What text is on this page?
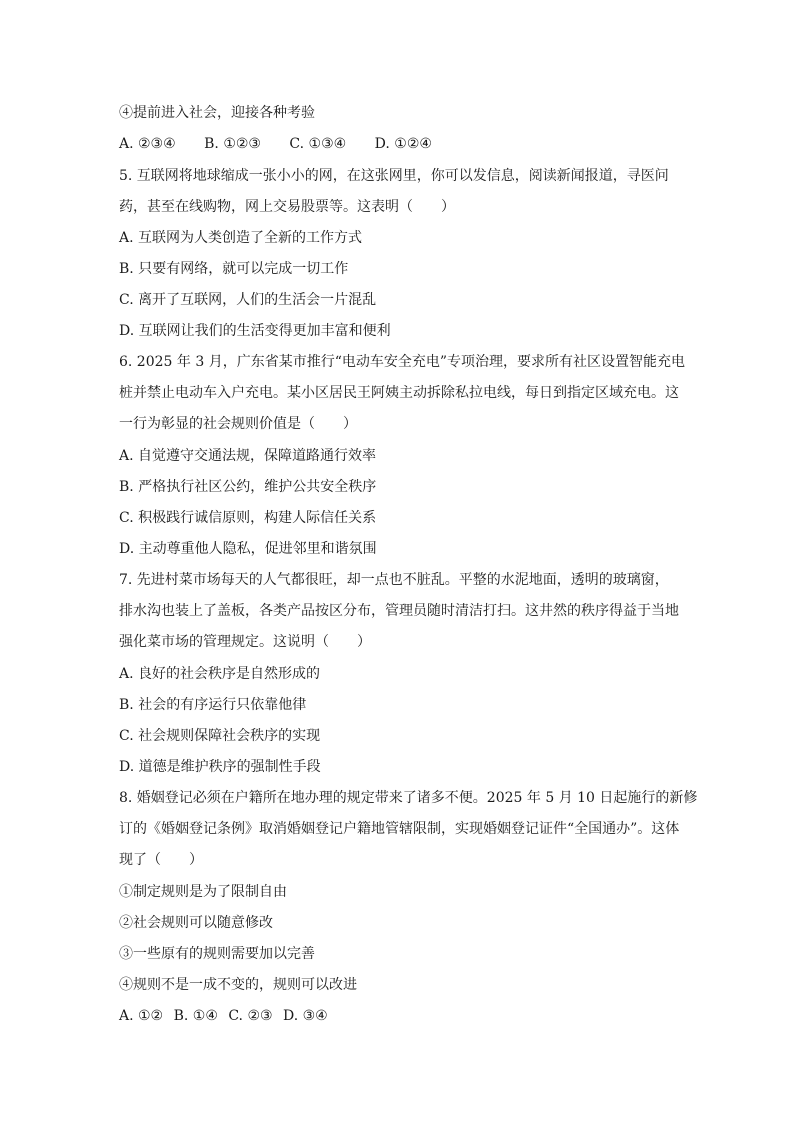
④提前进入社会，迎接各种考验
A. ②③④ B. ①②③ C. ①③④ D. ①②④
5. 互联网将地球缩成一张小小的网，在这张网里，你可以发信息，阅读新闻报道，寻医问
药，甚至在线购物，网上交易股票等。这表明（　　）
A. 互联网为人类创造了全新的工作方式
B. 只要有网络，就可以完成一切工作
C. 离开了互联网，人们的生活会一片混乱
D. 互联网让我们的生活变得更加丰富和便利
6. 2025 年 3 月，广东省某市推行“电动车安全充电”专项治理，要求所有社区设置智能充电
桩并禁止电动车入户充电。某小区居民王阿姨主动拆除私拉电线，每日到指定区域充电。这
一行为彰显的社会规则价值是（　　）
A. 自觉遵守交通法规，保障道路通行效率
B. 严格执行社区公约，维护公共安全秩序
C. 积极践行诚信原则，构建人际信任关系
D. 主动尊重他人隐私，促进邻里和谐氛围
7. 先进村菜市场每天的人气都很旺，却一点也不脏乱。平整的水泥地面，透明的玻璃窗，
排水沟也装上了盖板，各类产品按区分布，管理员随时清洁打扫。这井然的秩序得益于当地
强化菜市场的管理规定。这说明（　　）
A. 良好的社会秩序是自然形成的
B. 社会的有序运行只依靠他律
C. 社会规则保障社会秩序的实现
D. 道德是维护秩序的强制性手段
8. 婚姻登记必须在户籍所在地办理的规定带来了诸多不便。2025 年 5 月 10 日起施行的新修
订的《婚姻登记条例》取消婚姻登记户籍地管辖限制，实现婚姻登记证件“全国通办”。这体
现了（　　）
①制定规则是为了限制自由
②社会规则可以随意修改
③一些原有的规则需要加以完善
④规则不是一成不变的，规则可以改进
A. ①② B. ①④ C. ②③ D. ③④
